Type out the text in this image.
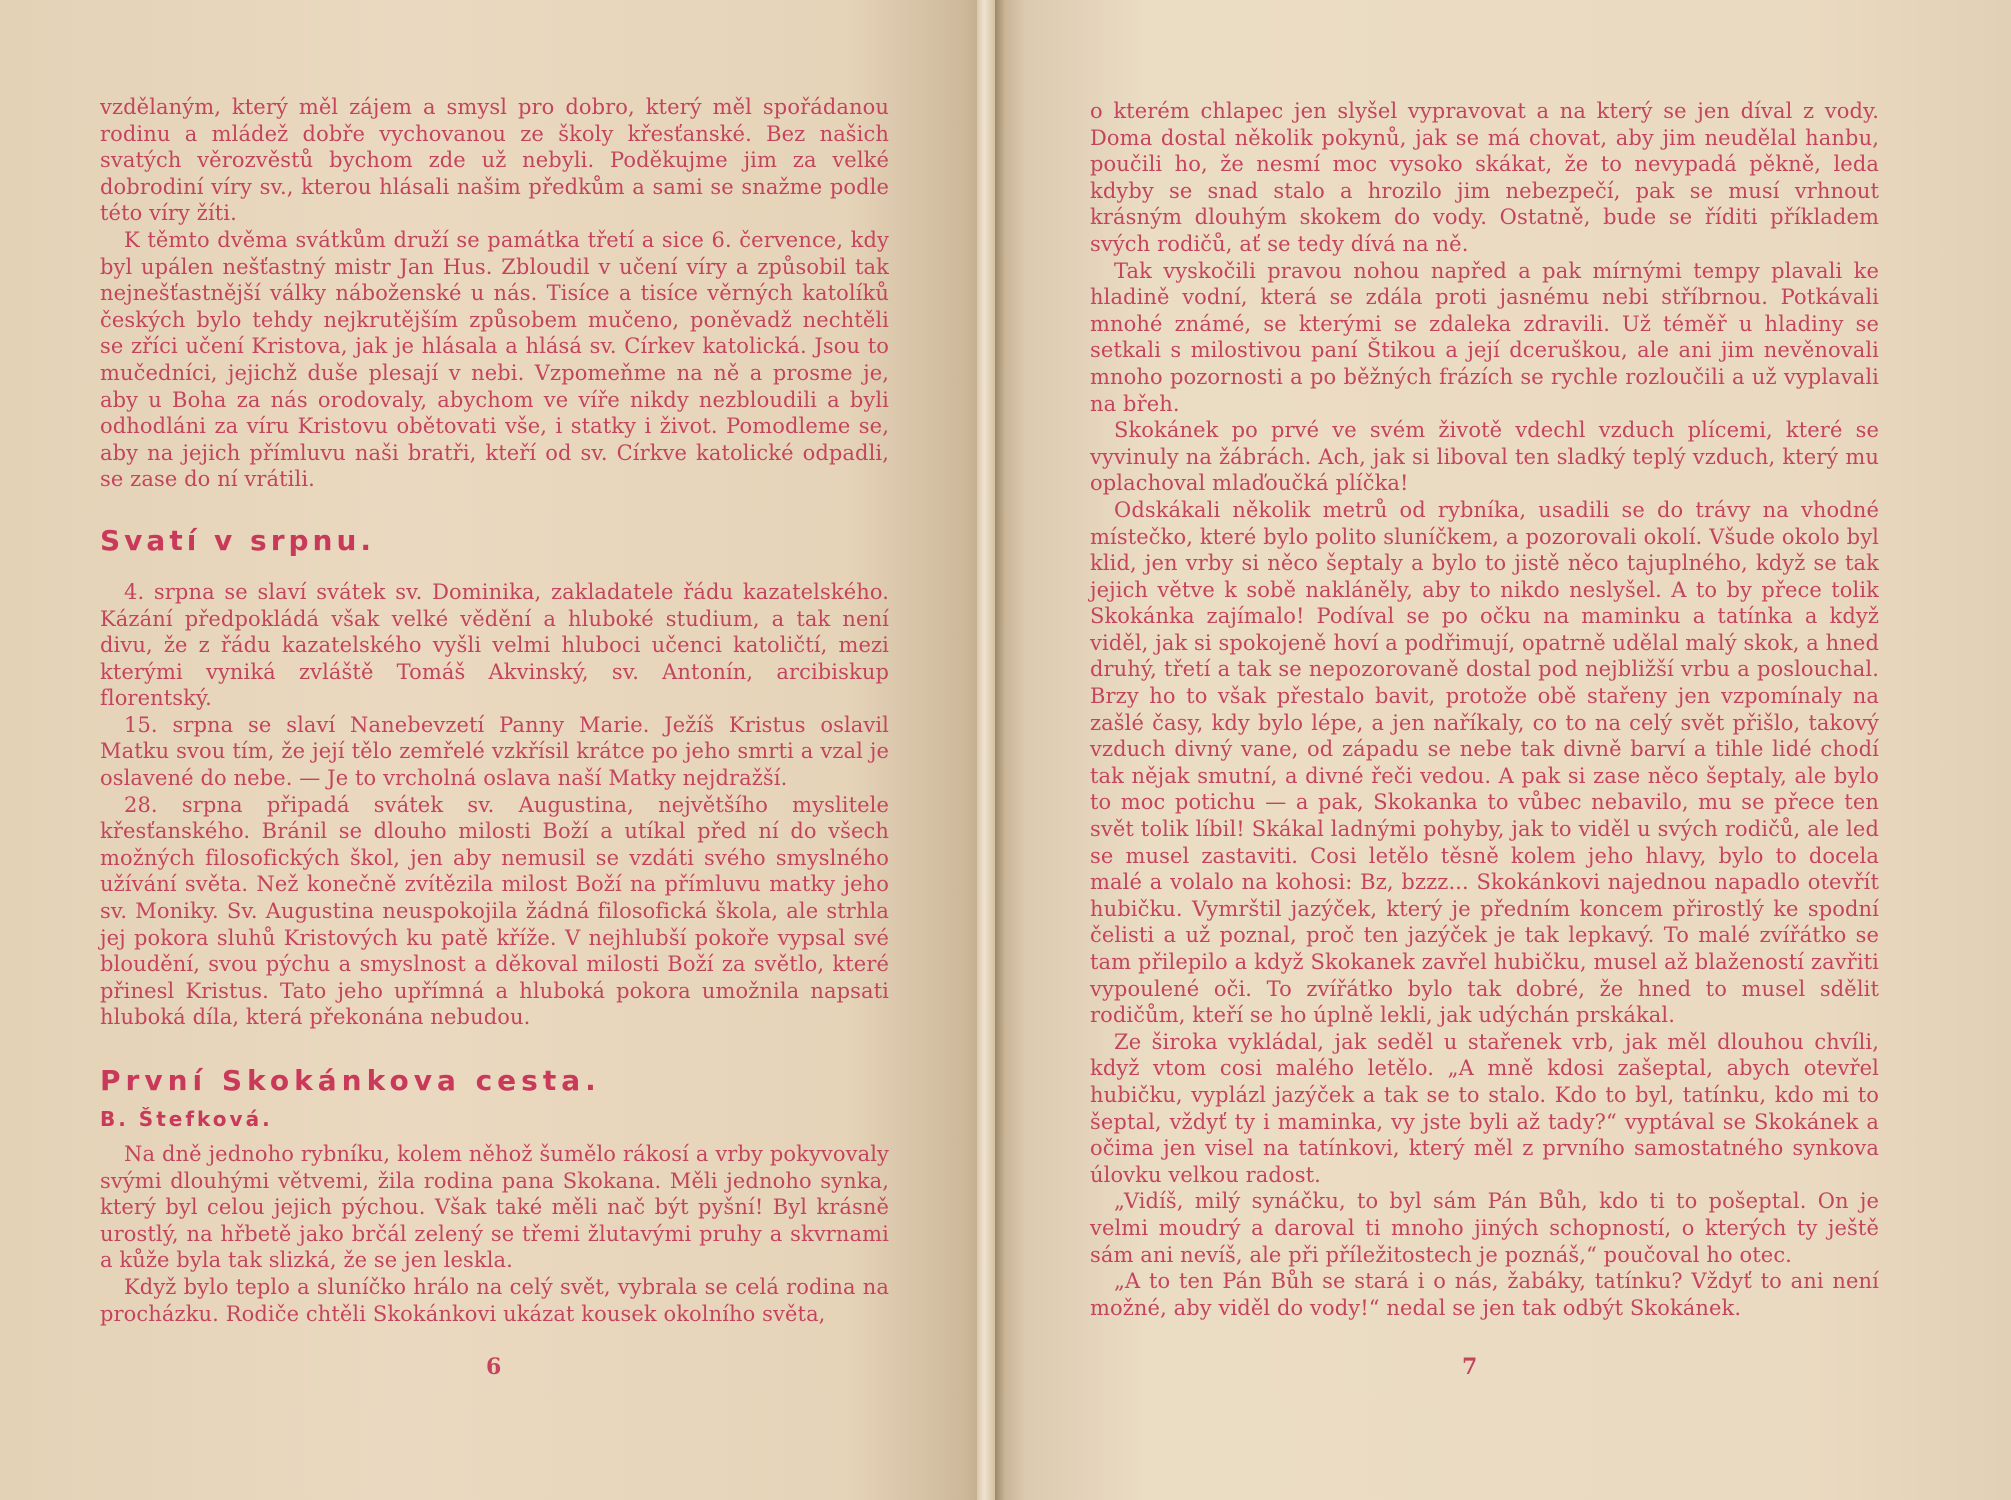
vzdělaným, který měl zájem a smysl pro dobro, který měl spořádanou rodinu a mládež dobře vychovanou ze školy křesťanské. Bez našich svatých věrozvěstů bychom zde už nebyli. Poděkujme jim za velké dobrodiní víry sv., kterou hlásali našim předkům a sami se snažme podle této víry žíti.

K těmto dvěma svátkům druží se památka třetí a sice 6. července, kdy byl upálen nešťastný mistr Jan Hus. Zbloudil v učení víry a způsobil tak nejnešťastnější války náboženské u nás. Tisíce a tisíce věrných katolíků českých bylo tehdy nejkrutějším způsobem mučeno, poněvadž nechtěli se zříci učení Kristova, jak je hlásala a hlásá sv. Církev katolická. Jsou to mučedníci, jejichž duše plesají v nebi. Vzpomeňme na ně a prosme je, aby u Boha za nás orodovaly, abychom ve víře nikdy nezbloudili a byli odhodláni za víru Kristovu obětovati vše, i statky i život. Pomodleme se, aby na jejich přímluvu naši bratři, kteří od sv. Církve katolické odpadli, se zase do ní vrátili.

Svatí v srpnu.

4. srpna se slaví svátek sv. Dominika, zakladatele řádu kazatelského. Kázání předpokládá však velké vědění a hluboké studium, a tak není divu, že z řádu kazatelského vyšli velmi hluboci učenci katoličtí, mezi kterými vyniká zvláště Tomáš Akvinský, sv. Antonín, arcibiskup florentský.

15. srpna se slaví Nanebevzetí Panny Marie. Ježíš Kristus oslavil Matku svou tím, že její tělo zemřelé vzkřísil krátce po jeho smrti a vzal je oslavené do nebe. — Je to vrcholná oslava naší Matky nejdražší.

28. srpna připadá svátek sv. Augustina, největšího myslitele křesťanského. Bránil se dlouho milosti Boží a utíkal před ní do všech možných filosofických škol, jen aby nemusil se vzdáti svého smyslného užívání světa. Než konečně zvítězila milost Boží na přímluvu matky jeho sv. Moniky. Sv. Augustina neuspokojila žádná filosofická škola, ale strhla jej pokora sluhů Kristových ku patě kříže. V nejhlubší pokoře vypsal své bloudění, svou pýchu a smyslnost a děkoval milosti Boží za světlo, které přinesl Kristus. Tato jeho upřímná a hluboká pokora umožnila napsati hluboká díla, která překonána nebudou.

První Skokánkova cesta.
B. Štefková.

Na dně jednoho rybníku, kolem něhož šumělo rákosí a vrby pokyvovaly svými dlouhými větvemi, žila rodina pana Skokana. Měli jednoho synka, který byl celou jejich pýchou. Však také měli nač být pyšní! Byl krásně urostlý, na hřbetě jako brčál zelený se třemi žlutavými pruhy a skvrnami a kůže byla tak slizká, že se jen leskla.

Když bylo teplo a sluníčko hrálo na celý svět, vybrala se celá rodina na procházku. Rodiče chtěli Skokánkovi ukázat kousek okolního světa,

6

o kterém chlapec jen slyšel vypravovat a na který se jen díval z vody. Doma dostal několik pokynů, jak se má chovat, aby jim neudělal hanbu, poučili ho, že nesmí moc vysoko skákat, že to nevypadá pěkně, leda kdyby se snad stalo a hrozilo jim nebezpečí, pak se musí vrhnout krásným dlouhým skokem do vody. Ostatně, bude se říditi příkladem svých rodičů, ať se tedy dívá na ně.

Tak vyskočili pravou nohou napřed a pak mírnými tempy plavali ke hladině vodní, která se zdála proti jasnému nebi stříbrnou. Potkávali mnohé známé, se kterými se zdaleka zdravili. Už téměř u hladiny se setkali s milostivou paní Štikou a její dceruškou, ale ani jim nevěnovali mnoho pozornosti a po běžných frázích se rychle rozloučili a už vyplavali na břeh.

Skokánek po prvé ve svém životě vdechl vzduch plícemi, které se vyvinuly na žábrách. Ach, jak si liboval ten sladký teplý vzduch, který mu oplachoval mlaďoučká plíčka!

Odskákali několik metrů od rybníka, usadili se do trávy na vhodné místečko, které bylo polito sluníčkem, a pozorovali okolí. Všude okolo byl klid, jen vrby si něco šeptaly a bylo to jistě něco tajuplného, když se tak jejich větve k sobě nakláněly, aby to nikdo neslyšel. A to by přece tolik Skokánka zajímalo! Podíval se po očku na maminku a tatínka a když viděl, jak si spokojeně hoví a podřimují, opatrně udělal malý skok, a hned druhý, třetí a tak se nepozorovaně dostal pod nejbližší vrbu a poslouchal. Brzy ho to však přestalo bavit, protože obě stařeny jen vzpomínaly na zašlé časy, kdy bylo lépe, a jen naříkaly, co to na celý svět přišlo, takový vzduch divný vane, od západu se nebe tak divně barví a tihle lidé chodí tak nějak smutní, a divné řeči vedou. A pak si zase něco šeptaly, ale bylo to moc potichu — a pak, Skokanka to vůbec nebavilo, mu se přece ten svět tolik líbil! Skákal ladnými pohyby, jak to viděl u svých rodičů, ale led se musel zastaviti. Cosi letělo těsně kolem jeho hlavy, bylo to docela malé a volalo na kohosi: Bz, bzzz... Skokánkovi najednou napadlo otevřít hubičku. Vymrštil jazýček, který je předním koncem přirostlý ke spodní čelisti a už poznal, proč ten jazýček je tak lepkavý. To malé zvířátko se tam přilepilo a když Skokanek zavřel hubičku, musel až blažeností zavřiti vypoulené oči. To zvířátko bylo tak dobré, že hned to musel sdělit rodičům, kteří se ho úplně lekli, jak udýchán prskákal.

Ze široka vykládal, jak seděl u stařenek vrb, jak měl dlouhou chvíli, když vtom cosi malého letělo. „A mně kdosi zašeptal, abych otevřel hubičku, vyplázl jazýček a tak se to stalo. Kdo to byl, tatínku, kdo mi to šeptal, vždyť ty i maminka, vy jste byli až tady?“ vyptával se Skokánek a očima jen visel na tatínkovi, který měl z prvního samostatného synkova úlovku velkou radost.

„Vidíš, milý synáčku, to byl sám Pán Bůh, kdo ti to pošeptal. On je velmi moudrý a daroval ti mnoho jiných schopností, o kterých ty ještě sám ani nevíš, ale při příležitostech je poznáš,“ poučoval ho otec.

„A to ten Pán Bůh se stará i o nás, žabáky, tatínku? Vždyť to ani není možné, aby viděl do vody!“ nedal se jen tak odbýt Skokánek.

7
